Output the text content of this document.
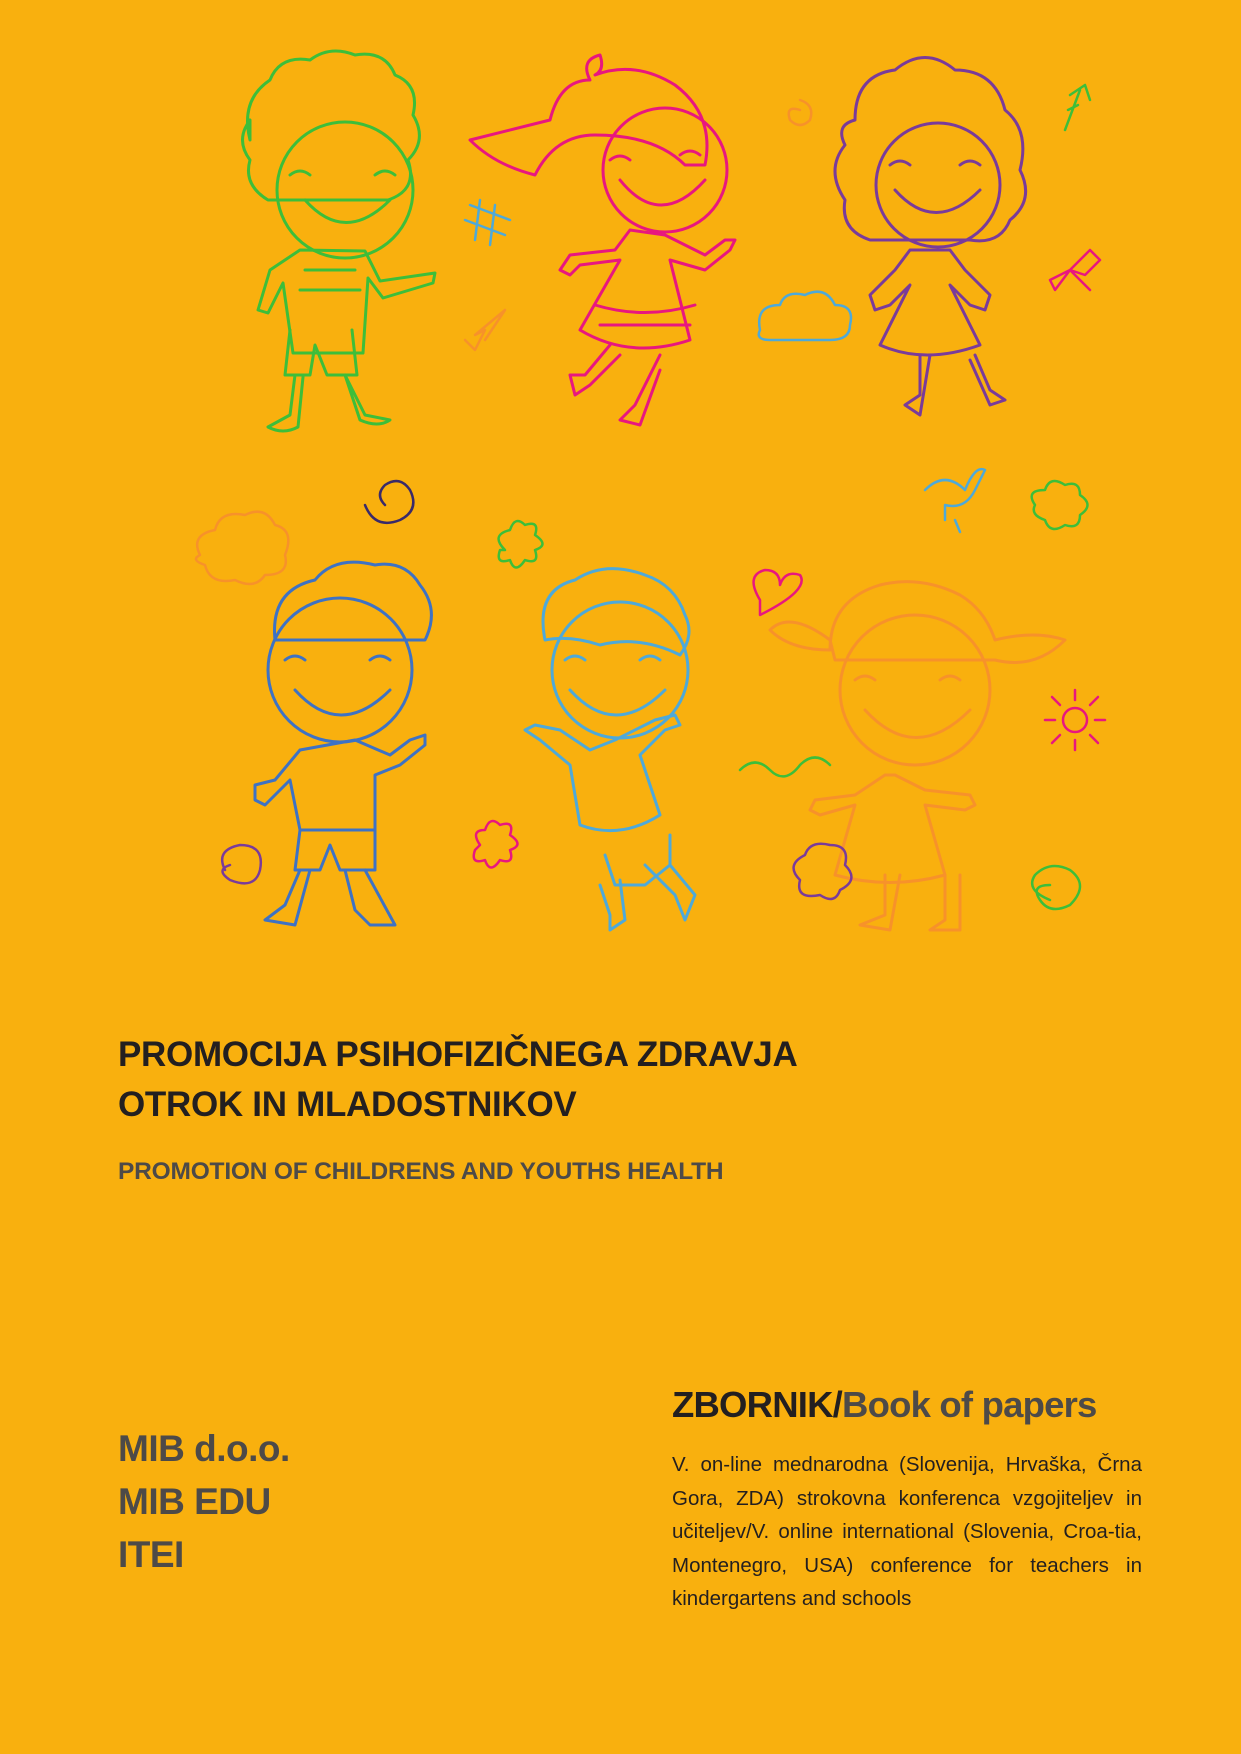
PROMOCIJA PSIHOFIZIČNEGA ZDRAVJA
OTROK IN MLADOSTNIKOV
PROMOTION OF CHILDRENS AND YOUTHS HEALTH
MIB d.o.o.
MIB EDU
ITEI
ZBORNIK/Book of papers
V. on-line mednarodna (Slovenija, Hrvaška, Črna Gora, ZDA) strokovna konferenca vzgojiteljev in učiteljev/V. online international (Slovenia, Croa-tia, Montenegro, USA) conference for teachers in kindergartens and schools
